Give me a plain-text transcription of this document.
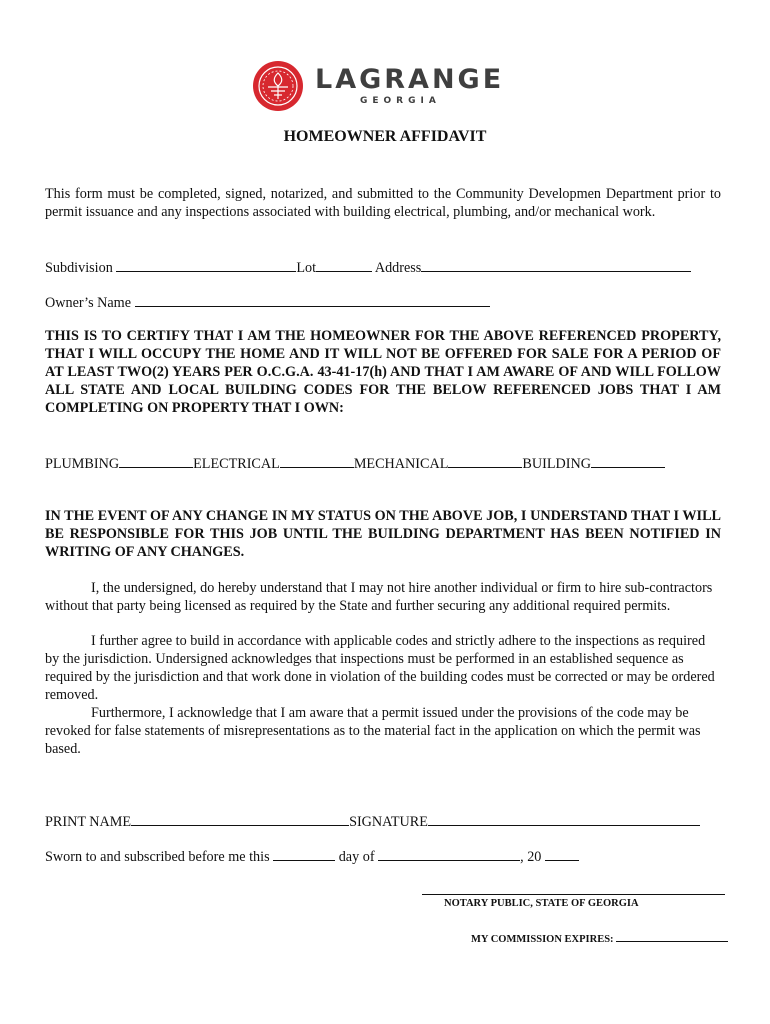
LAGRANGE
GEORGIA
HOMEOWNER AFFIDAVIT
This form must be completed, signed, notarized, and submitted to the Community Developmen Department prior to permit issuance and any inspections associated with building electrical, plumbing, and/or mechanical work.
Subdivision	Lot	Address
Owner’s Name
THIS IS TO CERTIFY THAT I AM THE HOMEOWNER FOR THE ABOVE REFERENCED PROPERTY, THAT I WILL OCCUPY THE HOME AND IT WILL NOT BE OFFERED FOR SALE FOR A PERIOD OF AT LEAST TWO(2) YEARS PER O.C.G.A. 43-41-17(h) AND THAT I AM AWARE OF AND WILL FOLLOW ALL STATE AND LOCAL BUILDING CODES FOR THE BELOW REFERENCED JOBS THAT I AM COMPLETING ON PROPERTY THAT I OWN:
PLUMBING	ELECTRICAL	MECHANICAL	BUILDING
IN THE EVENT OF ANY CHANGE IN MY STATUS ON THE ABOVE JOB, I UNDERSTAND THAT I WILL BE RESPONSIBLE FOR THIS JOB UNTIL THE BUILDING DEPARTMENT HAS BEEN NOTIFIED IN WRITING OF ANY CHANGES.
I, the undersigned, do hereby understand that I may not hire another individual or firm to hire sub-contractors without that party being licensed as required by the State and further securing any additional required permits.
I further agree to build in accordance with applicable codes and strictly adhere to the inspections as required by the jurisdiction. Undersigned acknowledges that inspections must be performed in an established sequence as required by the jurisdiction and that work done in violation of the building codes must be corrected or may be ordered removed.
Furthermore, I acknowledge that I am aware that a permit issued under the provisions of the code may be revoked for false statements of misrepresentations as to the material fact in the application on which the permit was based.
PRINT NAME	SIGNATURE
Sworn to and subscribed before me this	day of	, 20
NOTARY PUBLIC, STATE OF GEORGIA
MY COMMISSION EXPIRES:
